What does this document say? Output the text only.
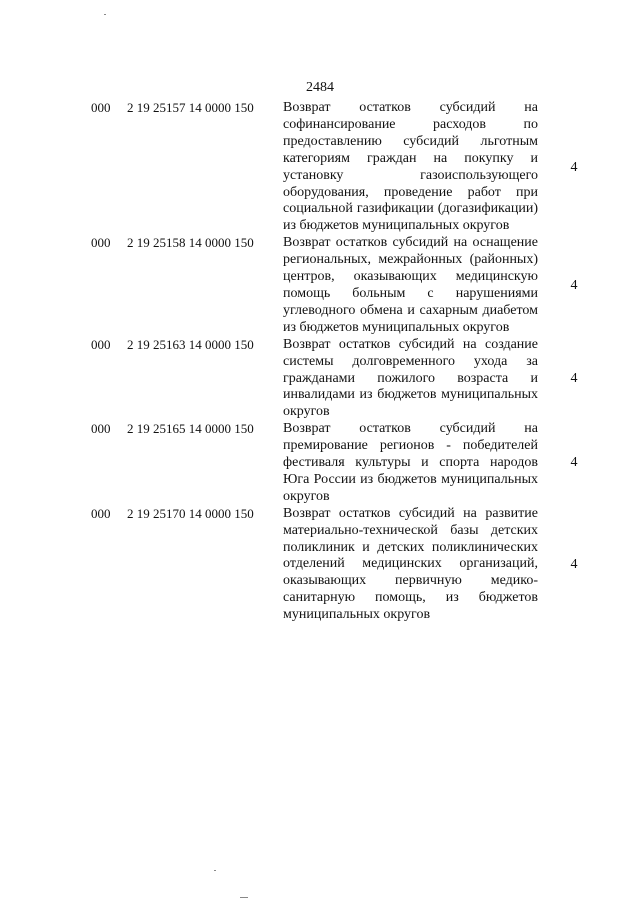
2484
000 2 19 25157 14 0000 150 Возврат остатков субсидий на софинансирование расходов по предоставлению субсидий льготным категориям граждан на покупку и установку газоиспользующего оборудования, проведение работ при социальной газификации (догазификации) из бюджетов муниципальных округов
4
000 2 19 25158 14 0000 150 Возврат остатков субсидий на оснащение региональных, межрайонных (районных) центров, оказывающих медицинскую помощь больным с нарушениями углеводного обмена и сахарным диабетом из бюджетов муниципальных округов
4
000 2 19 25163 14 0000 150 Возврат остатков субсидий на создание системы долговременного ухода за гражданами пожилого возраста и инвалидами из бюджетов муниципальных округов
4
000 2 19 25165 14 0000 150 Возврат остатков субсидий на премирование регионов - победителей фестиваля культуры и спорта народов Юга России из бюджетов муниципальных округов
4
000 2 19 25170 14 0000 150 Возврат остатков субсидий на развитие материально-технической базы детских поликлиник и детских поликлинических отделений медицинских организаций, оказывающих первичную медико-санитарную помощь, из бюджетов муниципальных округов
4
